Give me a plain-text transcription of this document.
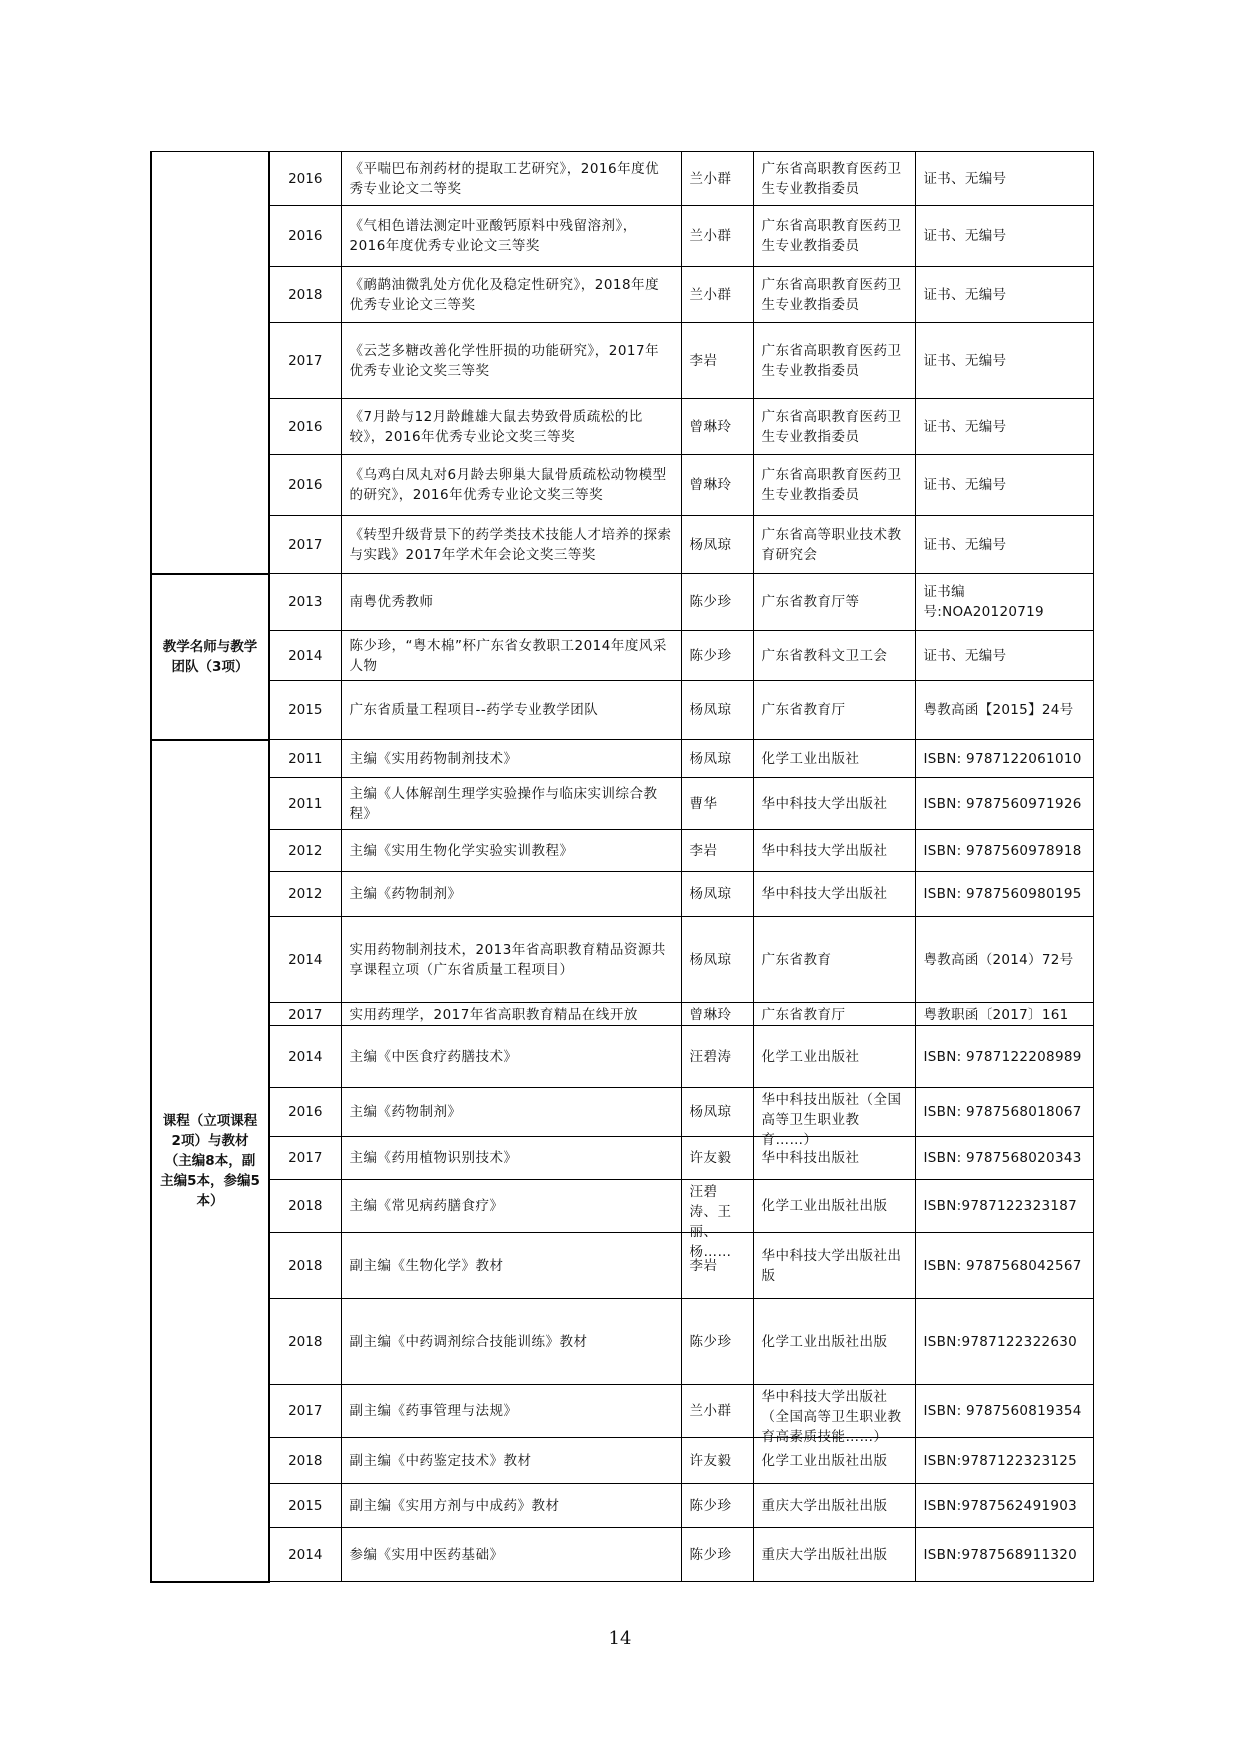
	2016	《平喘巴布剂药材的提取工艺研究》，2016年度优秀专业论文二等奖	兰小群	广东省高职教育医药卫生专业教指委员	证书、无编号

	2016	《气相色谱法测定叶亚酸钙原料中残留溶剂》，2016年度优秀专业论文三等奖	兰小群	广东省高职教育医药卫生专业教指委员	证书、无编号

	2018	《鸸鹋油微乳处方优化及稳定性研究》，2018年度优秀专业论文三等奖	兰小群	广东省高职教育医药卫生专业教指委员	证书、无编号

	2017	《云芝多糖改善化学性肝损的功能研究》，2017年优秀专业论文奖三等奖	李岩	广东省高职教育医药卫生专业教指委员	证书、无编号

	2016	《7月龄与12月龄雌雄大鼠去势致骨质疏松的比较》，2016年优秀专业论文奖三等奖	曾琳玲	广东省高职教育医药卫生专业教指委员	证书、无编号

	2016	《乌鸡白凤丸对6月龄去卵巢大鼠骨质疏松动物模型的研究》，2016年优秀专业论文奖三等奖	曾琳玲	广东省高职教育医药卫生专业教指委员	证书、无编号

	2017	《转型升级背景下的药学类技术技能人才培养的探索与实践》2017年学术年会论文奖三等奖	杨凤琼	广东省高等职业技术教育研究会	证书、无编号

教学名师与教学团队（3项）	2013	南粤优秀教师	陈少珍	广东省教育厅等	证书编号:NOA20120719

	2014	陈少珍，“粤木棉”杯广东省女教职工2014年度风采人物	陈少珍	广东省教科文卫工会	证书、无编号

	2015	广东省质量工程项目--药学专业教学团队	杨凤琼	广东省教育厅	粤教高函【2015】24号

课程（立项课程2项）与教材（主编8本，副主编5本，参编5本）	2011	主编《实用药物制剂技术》	杨凤琼	化学工业出版社	ISBN: 9787122061010

	2011	主编《人体解剖生理学实验操作与临床实训综合教程》	曹华	华中科技大学出版社	ISBN: 9787560971926

	2012	主编《实用生物化学实验实训教程》	李岩	华中科技大学出版社	ISBN: 9787560978918

	2012	主编《药物制剂》	杨凤琼	华中科技大学出版社	ISBN: 9787560980195

	2014	实用药物制剂技术，2013年省高职教育精品资源共享课程立项（广东省质量工程项目）	杨凤琼	广东省教育	粤教高函（2014）72号

	2017	实用药理学，2017年省高职教育精品在线开放	曾琳玲	广东省教育厅	粤教职函〔2017〕161

	2014	主编《中医食疗药膳技术》	汪碧涛	化学工业出版社	ISBN: 9787122208989

	2016	主编《药物制剂》	杨凤琼	华中科技出版社（全国高等卫生职业教育……）	ISBN: 9787568018067

	2017	主编《药用植物识别技术》	许友毅	华中科技出版社	ISBN: 9787568020343

	2018	主编《常见病药膳食疗》	汪碧涛、王丽、杨……	化学工业出版社出版	ISBN:9787122323187

	2018	副主编《生物化学》教材	李岩	华中科技大学出版社出版	ISBN: 9787568042567

	2018	副主编《中药调剂综合技能训练》教材	陈少珍	化学工业出版社出版	ISBN:9787122322630

	2017	副主编《药事管理与法规》	兰小群	华中科技大学出版社（全国高等卫生职业教育高素质技能……）	ISBN: 9787560819354

	2018	副主编《中药鉴定技术》教材	许友毅	化学工业出版社出版	ISBN:9787122323125

	2015	副主编《实用方剂与中成药》教材	陈少珍	重庆大学出版社出版	ISBN:9787562491903

	2014	参编《实用中医药基础》	陈少珍	重庆大学出版社出版	ISBN:9787568911320
14
